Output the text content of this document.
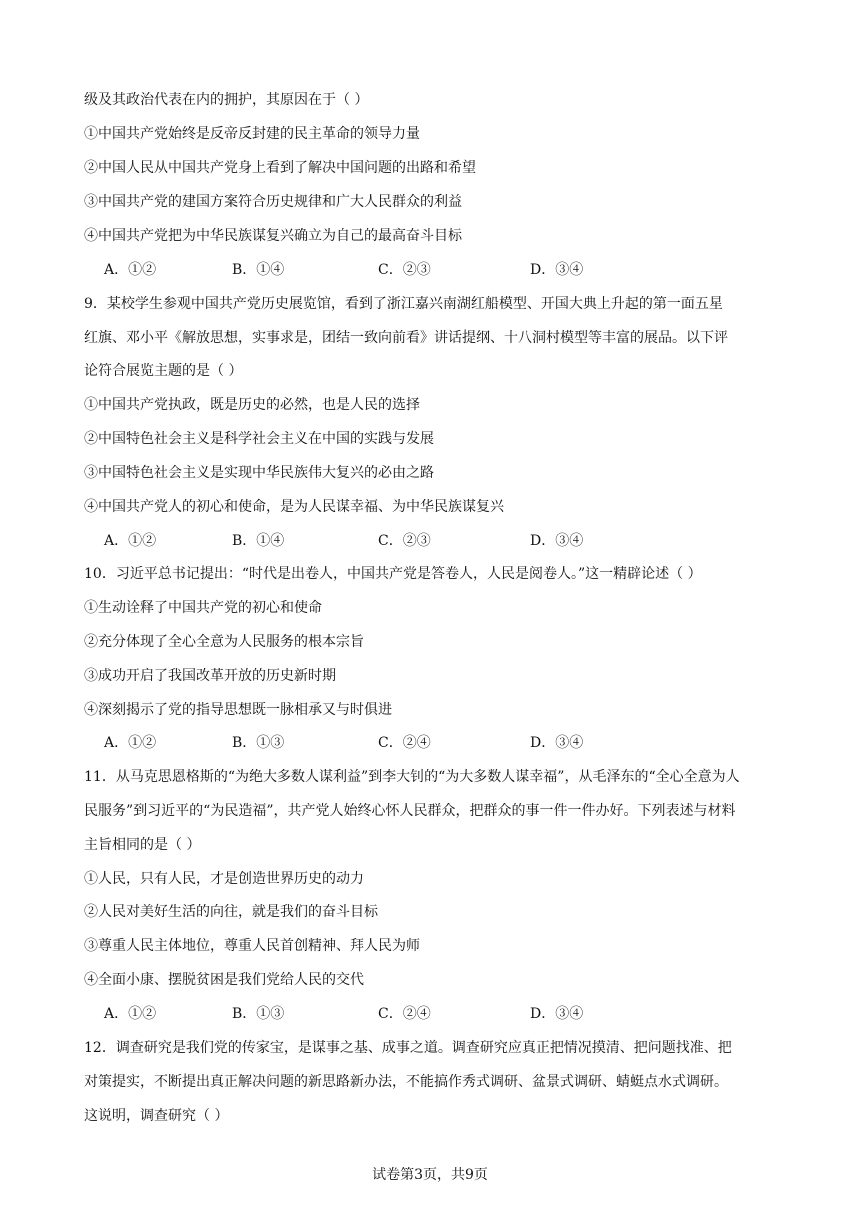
级及其政治代表在内的拥护，其原因在于（ ）
①中国共产党始终是反帝反封建的民主革命的领导力量
②中国人民从中国共产党身上看到了解决中国问题的出路和希望
③中国共产党的建国方案符合历史规律和广大人民群众的利益
④中国共产党把为中华民族谋复兴确立为自己的最高奋斗目标
A．①②	B．①④	C．②③	D．③④
9．某校学生参观中国共产党历史展览馆，看到了浙江嘉兴南湖红船模型、开国大典上升起的第一面五星
红旗、邓小平《解放思想，实事求是，团结一致向前看》讲话提纲、十八洞村模型等丰富的展品。以下评
论符合展览主题的是（ ）
①中国共产党执政，既是历史的必然，也是人民的选择
②中国特色社会主义是科学社会主义在中国的实践与发展
③中国特色社会主义是实现中华民族伟大复兴的必由之路
④中国共产党人的初心和使命，是为人民谋幸福、为中华民族谋复兴
A．①②	B．①④	C．②③	D．③④
10．习近平总书记提出：“时代是出卷人，中国共产党是答卷人，人民是阅卷人。”这一精辟论述（ ）
①生动诠释了中国共产党的初心和使命
②充分体现了全心全意为人民服务的根本宗旨
③成功开启了我国改革开放的历史新时期
④深刻揭示了党的指导思想既一脉相承又与时俱进
A．①②	B．①③	C．②④	D．③④
11．从马克思恩格斯的“为绝大多数人谋利益”到李大钊的“为大多数人谋幸福”，从毛泽东的“全心全意为人
民服务”到习近平的“为民造福”，共产党人始终心怀人民群众，把群众的事一件一件办好。下列表述与材料
主旨相同的是（ ）
①人民，只有人民，才是创造世界历史的动力
②人民对美好生活的向往，就是我们的奋斗目标
③尊重人民主体地位，尊重人民首创精神、拜人民为师
④全面小康、摆脱贫困是我们党给人民的交代
A．①②	B．①③	C．②④	D．③④
12．调查研究是我们党的传家宝，是谋事之基、成事之道。调查研究应真正把情况摸清、把问题找准、把
对策提实，不断提出真正解决问题的新思路新办法，不能搞作秀式调研、盆景式调研、蜻蜓点水式调研。
这说明，调查研究（ ）
试卷第3页，共9页
